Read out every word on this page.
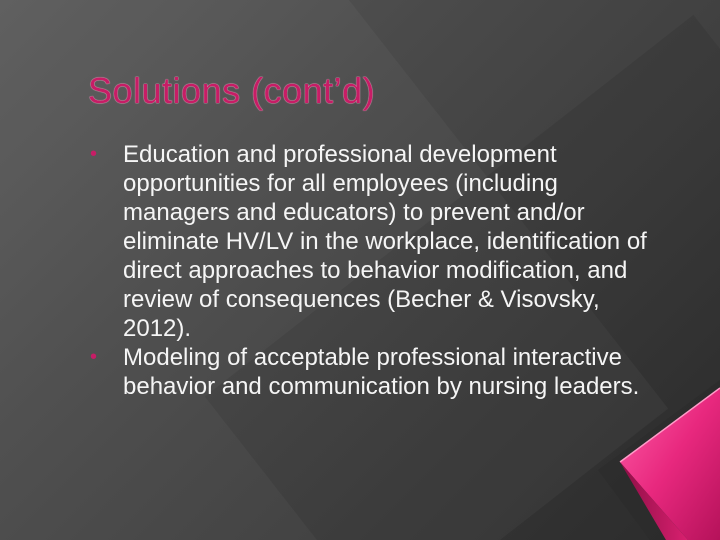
Solutions (cont’d)
• Education and professional development opportunities for all employees (including managers and educators) to prevent and/or eliminate HV/LV in the workplace, identification of direct approaches to behavior modification, and review of consequences (Becher & Visovsky, 2012).
• Modeling of acceptable professional interactive behavior and communication by nursing leaders.
